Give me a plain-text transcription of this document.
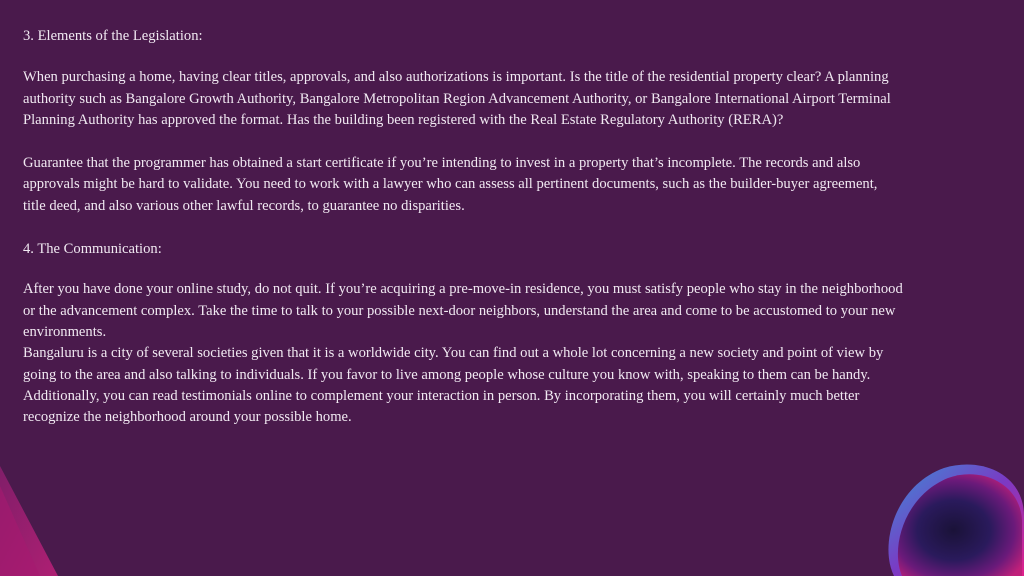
3. Elements of the Legislation:

When purchasing a home, having clear titles, approvals, and also authorizations is important. Is the title of the residential property clear? A planning authority such as Bangalore Growth Authority, Bangalore Metropolitan Region Advancement Authority, or Bangalore International Airport Terminal Planning Authority has approved the format. Has the building been registered with the Real Estate Regulatory Authority (RERA)?

Guarantee that the programmer has obtained a start certificate if you’re intending to invest in a property that’s incomplete. The records and also approvals might be hard to validate. You need to work with a lawyer who can assess all pertinent documents, such as the builder-buyer agreement, title deed, and also various other lawful records, to guarantee no disparities.

4. The Communication:

After you have done your online study, do not quit. If you’re acquiring a pre-move-in residence, you must satisfy people who stay in the neighborhood or the advancement complex. Take the time to talk to your possible next-door neighbors, understand the area and come to be accustomed to your new environments.

Bangaluru is a city of several societies given that it is a worldwide city. You can find out a whole lot concerning a new society and point of view by going to the area and also talking to individuals. If you favor to live among people whose culture you know with, speaking to them can be handy. Additionally, you can read testimonials online to complement your interaction in person. By incorporating them, you will certainly much better recognize the neighborhood around your possible home.
